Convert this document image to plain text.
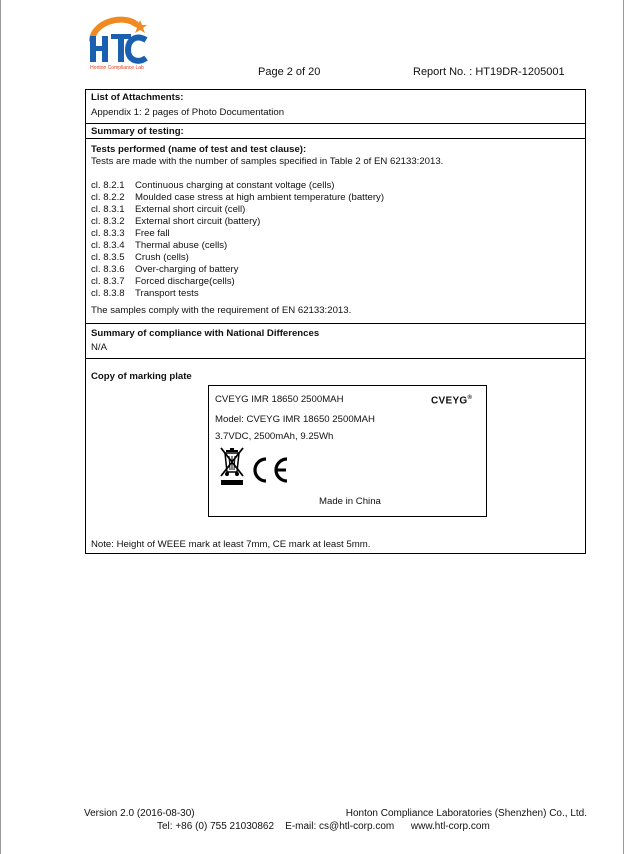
Honton Compliance Lab	Page 2 of 20	Report No. : HT19DR-1205001
List of Attachments:
Appendix 1: 2 pages of Photo Documentation
Summary of testing:
Tests performed (name of test and test clause):
Tests are made with the number of samples specified in Table 2 of EN 62133:2013.
cl. 8.2.1	Continuous charging at constant voltage (cells)
cl. 8.2.2	Moulded case stress at high ambient temperature (battery)
cl. 8.3.1	External short circuit (cell)
cl. 8.3.2	External short circuit (battery)
cl. 8.3.3	Free fall
cl. 8.3.4	Thermal abuse (cells)
cl. 8.3.5	Crush (cells)
cl. 8.3.6	Over-charging of battery
cl. 8.3.7	Forced discharge(cells)
cl. 8.3.8	Transport tests
The samples comply with the requirement of EN 62133:2013.
Summary of compliance with National Differences
N/A
Copy of marking plate
Note: Height of WEEE mark at least 7mm, CE mark at least 5mm.
CVEYG IMR 18650 2500MAH
Model: CVEYG IMR 18650 2500MAH
3.7VDC, 2500mAh, 9.25Wh
CVEYG®
Made in China
Version 2.0 (2016-08-30)	Honton Compliance Laboratories (Shenzhen) Co., Ltd.
Tel: +86 (0) 755 21030862    E-mail: cs@htl-corp.com      www.htl-corp.com
